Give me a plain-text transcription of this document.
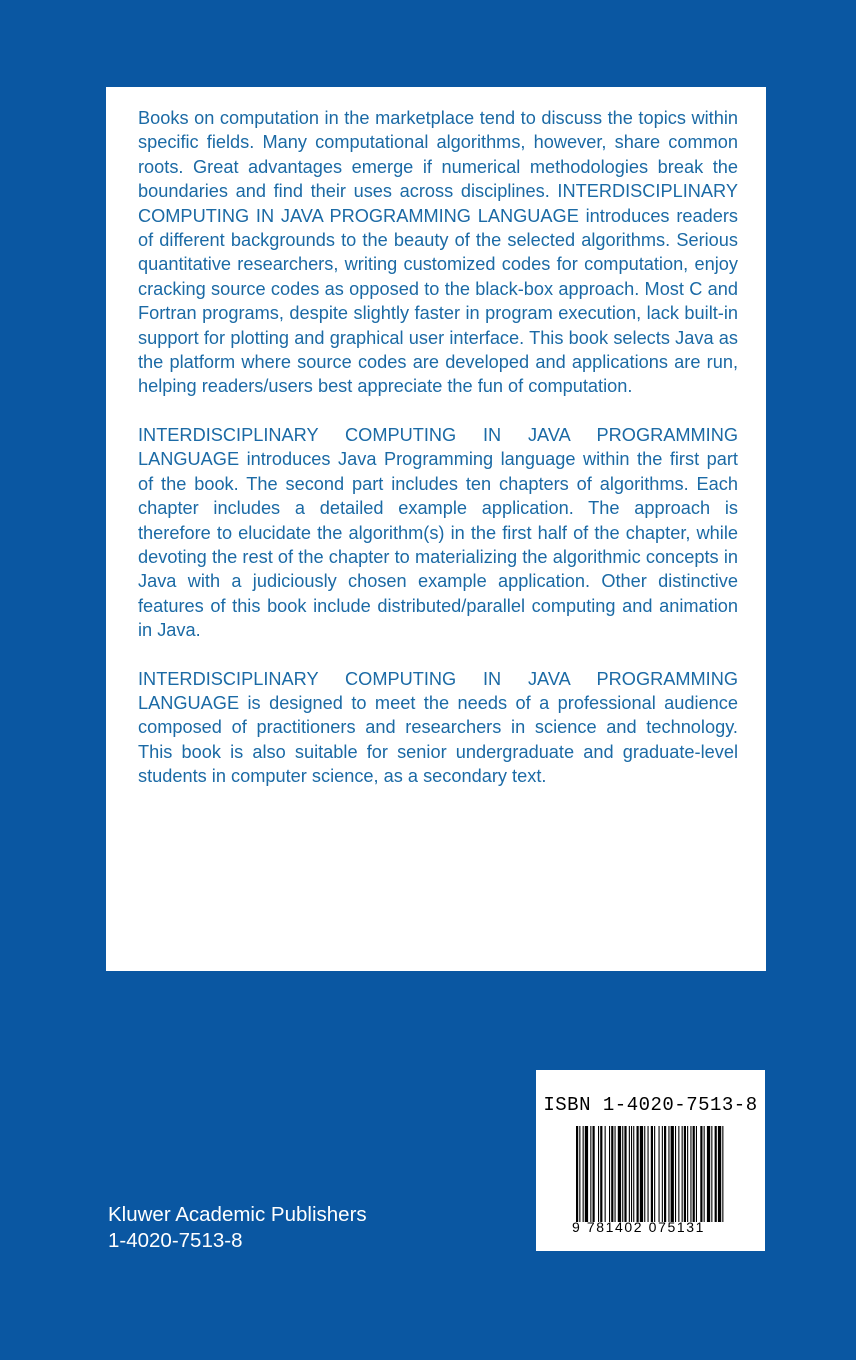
Books on computation in the marketplace tend to discuss the topics within specific fields. Many computational algorithms, however, share common roots. Great advantages emerge if numerical methodologies break the boundaries and find their uses across disciplines. INTERDISCIPLINARY COMPUTING IN JAVA PROGRAMMING LANGUAGE introduces readers of different backgrounds to the beauty of the selected algorithms. Serious quantitative researchers, writing customized codes for computation, enjoy cracking source codes as opposed to the black-box approach. Most C and Fortran programs, despite slightly faster in program execution, lack built-in support for plotting and graphical user interface. This book selects Java as the platform where source codes are developed and applications are run, helping readers/users best appreciate the fun of computation.

INTERDISCIPLINARY COMPUTING IN JAVA PROGRAMMING LANGUAGE introduces Java Programming language within the first part of the book. The second part includes ten chapters of algorithms. Each chapter includes a detailed example application. The approach is therefore to elucidate the algorithm(s) in the first half of the chapter, while devoting the rest of the chapter to materializing the algorithmic concepts in Java with a judiciously chosen example application. Other distinctive features of this book include distributed/parallel computing and animation in Java.

INTERDISCIPLINARY COMPUTING IN JAVA PROGRAMMING LANGUAGE is designed to meet the needs of a professional audience composed of practitioners and researchers in science and technology. This book is also suitable for senior undergraduate and graduate-level students in computer science, as a secondary text.

Kluwer Academic Publishers
1-4020-7513-8
ISBN 1-4020-7513-8
9 781402 075131
